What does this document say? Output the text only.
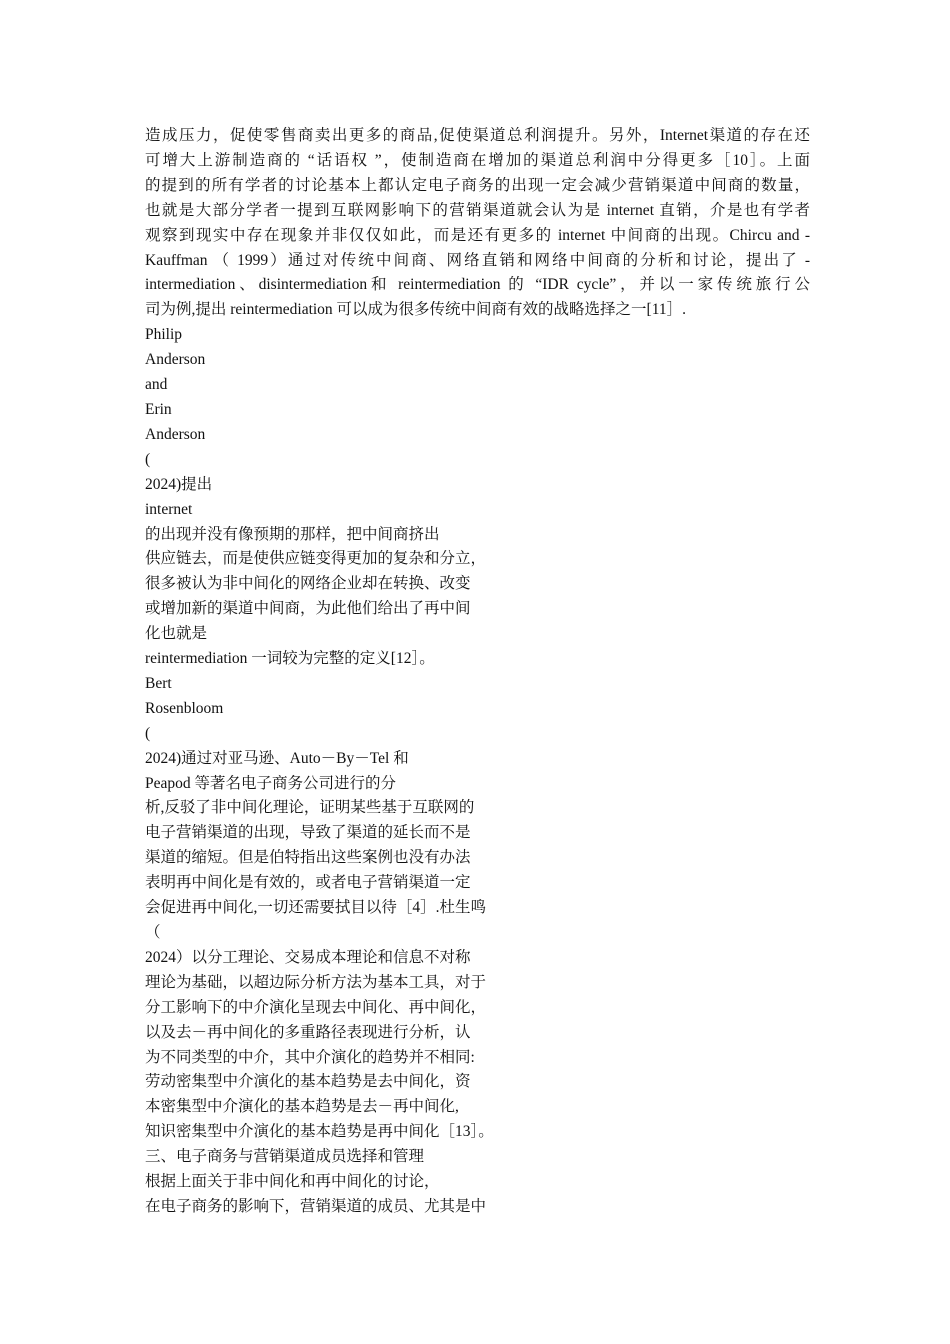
造成压力，促使零售商卖出更多的商品,促使渠道总利润提升。另外，Internet渠道的存在还
可增大上游制造商的 “话语权 ”，使制造商在增加的渠道总利润中分得更多［10］。上面
的提到的所有学者的讨论基本上都认定电子商务的出现一定会减少营销渠道中间商的数量，
也就是大部分学者一提到互联网影响下的营销渠道就会认为是 internet 直销，介是也有学者
观察到现实中存在现象并非仅仅如此，而是还有更多的 internet 中间商的出现。Chircu and -
Kauffman （ 1999）通过对传统中间商、网络直销和网络中间商的分析和讨论，提出了 -
intermediation、disintermediation和 reintermediation 的 “IDR cycle”，并以一家传统旅行公
司为例,提出 reintermediation 可以成为很多传统中间商有效的战略选择之一[11］.
Philip
Anderson
and
Erin
Anderson
(
2024)提出
internet
的出现并没有像预期的那样，把中间商挤出
供应链去，而是使供应链变得更加的复杂和分立，
很多被认为非中间化的网络企业却在转换、改变
或增加新的渠道中间商，为此他们给出了再中间
化也就是
reintermediation 一词较为完整的定义[12］。
Bert
Rosenbloom
(
2024)通过对亚马逊、Auto－By－Tel 和
Peapod 等著名电子商务公司进行的分
析,反驳了非中间化理论，证明某些基于互联网的
电子营销渠道的出现，导致了渠道的延长而不是
渠道的缩短。但是伯特指出这些案例也没有办法
表明再中间化是有效的，或者电子营销渠道一定
会促进再中间化,一切还需要拭目以待［4］.杜生鸣
（
2024）以分工理论、交易成本理论和信息不对称
理论为基础，以超边际分析方法为基本工具，对于
分工影响下的中介演化呈现去中间化、再中间化，
以及去－再中间化的多重路径表现进行分析，认
为不同类型的中介，其中介演化的趋势并不相同:
劳动密集型中介演化的基本趋势是去中间化，资
本密集型中介演化的基本趋势是去－再中间化,
知识密集型中介演化的基本趋势是再中间化［13］。
三、电子商务与营销渠道成员选择和管理
根据上面关于非中间化和再中间化的讨论，
在电子商务的影响下，营销渠道的成员、尤其是中
